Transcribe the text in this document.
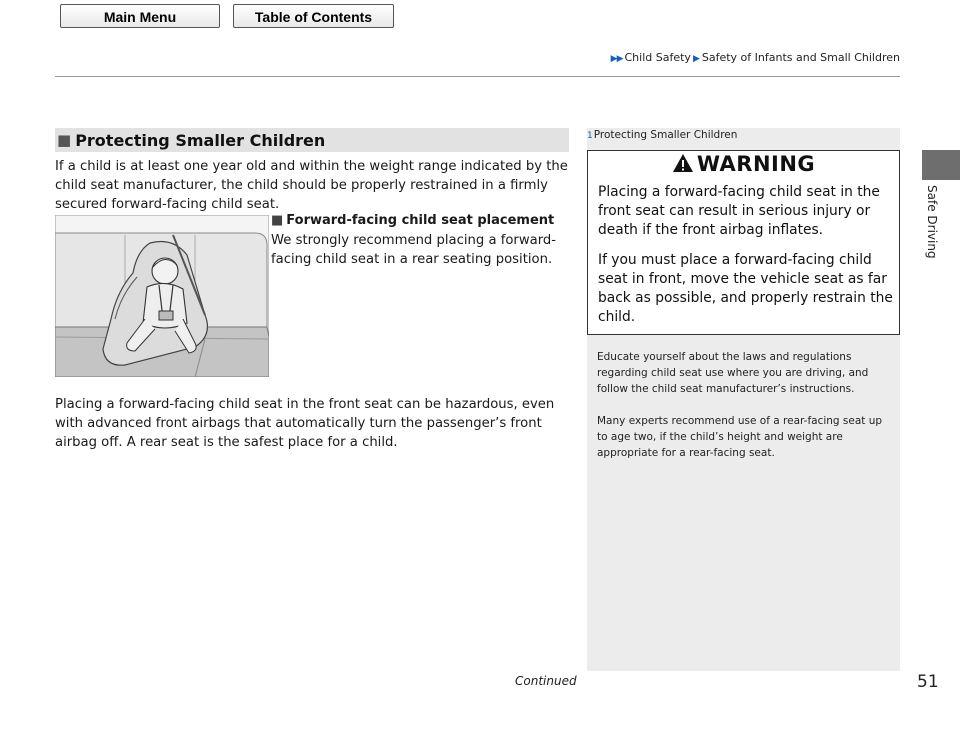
Main Menu	Table of Contents
▶▶ Child Safety ▶ Safety of Infants and Small Children
Safe Driving
■ Protecting Smaller Children
If a child is at least one year old and within the weight range indicated by the child seat manufacturer, the child should be properly restrained in a firmly secured forward-facing child seat.
■ Forward-facing child seat placement
We strongly recommend placing a forward-facing child seat in a rear seating position.
Placing a forward-facing child seat in the front seat can be hazardous, even with advanced front airbags that automatically turn the passenger’s front airbag off. A rear seat is the safest place for a child.
1Protecting Smaller Children
WARNING
Placing a forward-facing child seat in the front seat can result in serious injury or death if the front airbag inflates.
If you must place a forward-facing child seat in front, move the vehicle seat as far back as possible, and properly restrain the child.
Educate yourself about the laws and regulations regarding child seat use where you are driving, and follow the child seat manufacturer’s instructions.
Many experts recommend use of a rear-facing seat up to age two, if the child’s height and weight are appropriate for a rear-facing seat.
Continued	51
